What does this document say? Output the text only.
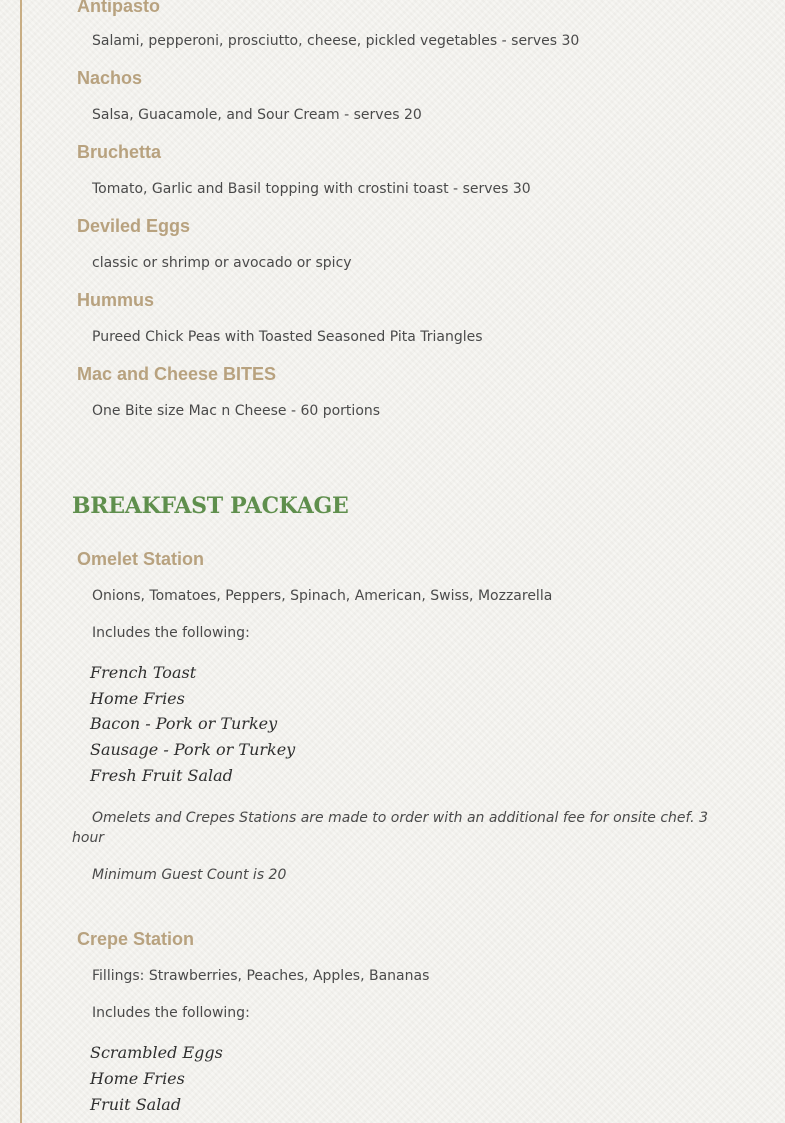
Antipasto

Salami, pepperoni, prosciutto, cheese, pickled vegetables - serves 30

Nachos

Salsa, Guacamole, and Sour Cream - serves 20

Bruchetta

Tomato, Garlic and Basil topping with crostini toast - serves 30

Deviled Eggs

classic or shrimp or avocado or spicy

Hummus

Pureed Chick Peas with Toasted Seasoned Pita Triangles

Mac and Cheese BITES

One Bite size Mac n Cheese - 60 portions

BREAKFAST PACKAGE
Omelet Station

Onions, Tomatoes, Peppers, Spinach, American, Swiss, Mozzarella

Includes the following:

French Toast

Home Fries

Bacon - Pork or Turkey

Sausage - Pork or Turkey

Fresh Fruit Salad

Omelets and Crepes Stations are made to order with an additional fee for onsite chef. 3 hour

Minimum Guest Count is 20

Crepe Station

Fillings: Strawberries, Peaches, Apples, Bananas

Includes the following:

Scrambled Eggs

Home Fries

Fruit Salad
